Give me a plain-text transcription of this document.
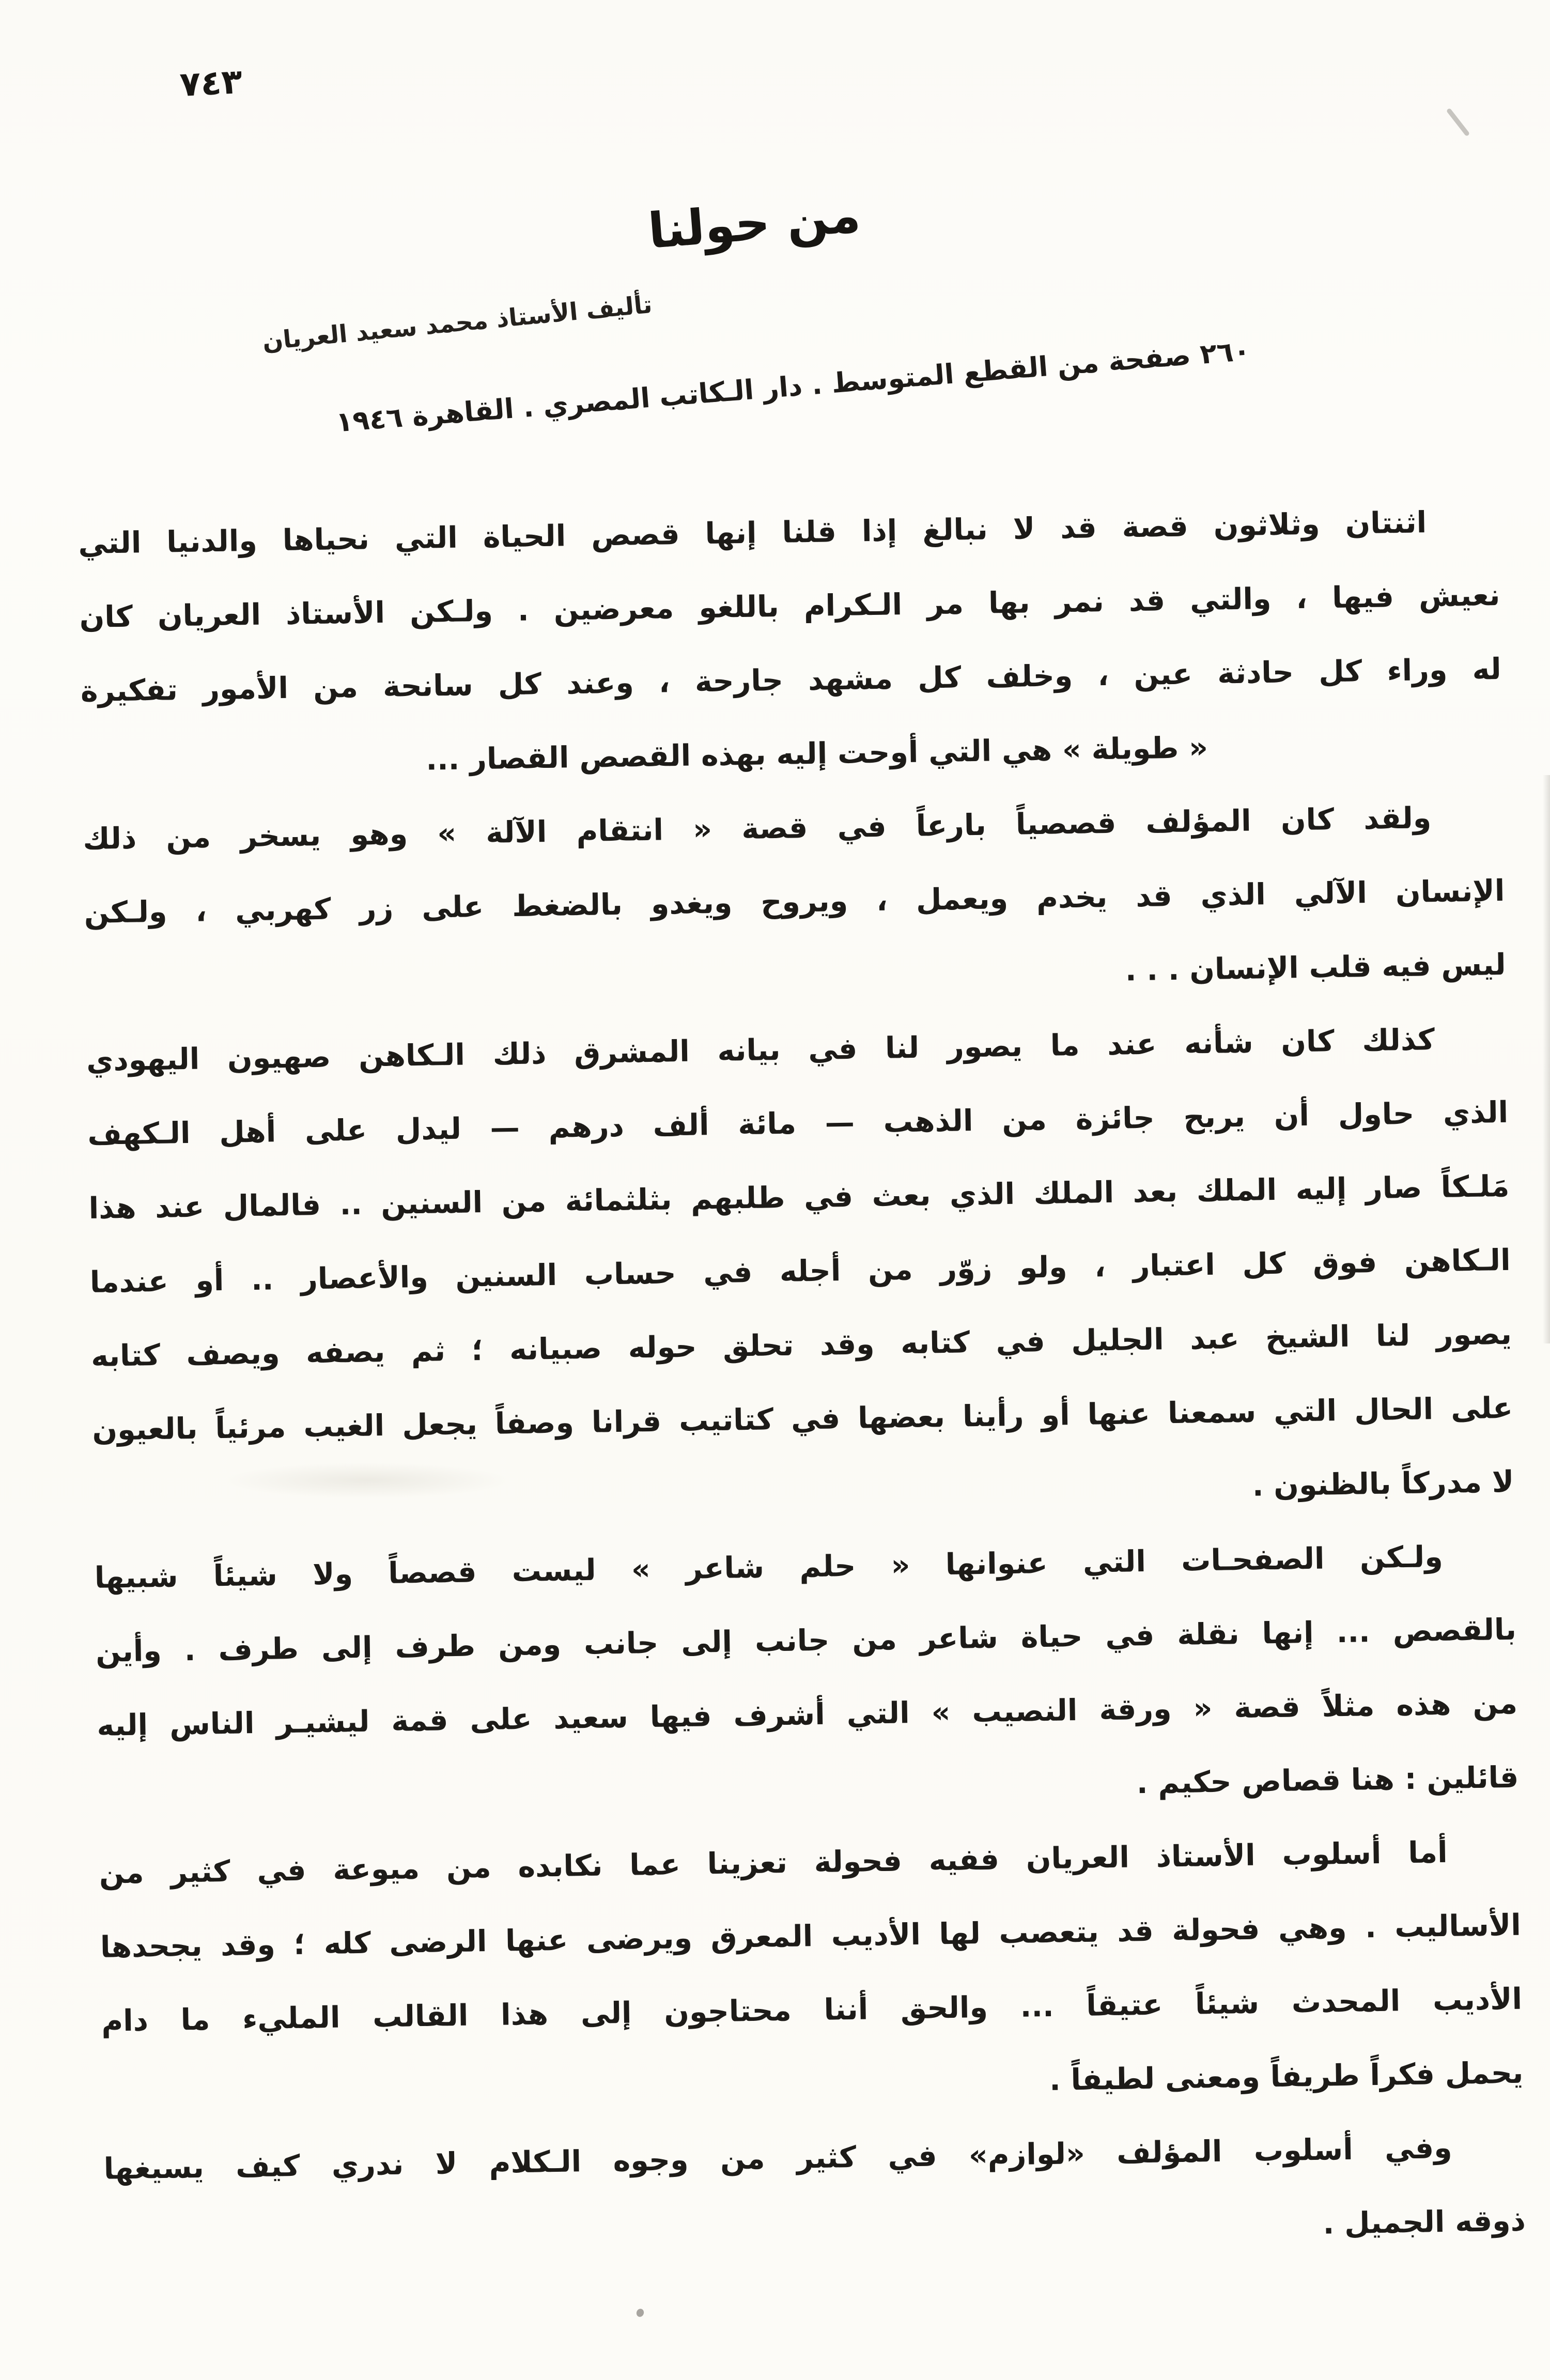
٧٤٣
من حولنا
تأليف الأستاذ محمد سعيد العريان
٢٦٠ صفحة من القطع المتوسط . دار الـكاتب المصري . القاهرة ١٩٤٦
اثنتان وثلاثون قصة قد لا نبالغ إذا قلنا إنها قصص الحياة التي نحياها والدنيا التي
نعيش فيها ، والتي قد نمر بها مر الـكرام باللغو معرضين . ولـكن الأستاذ العريان كان
له وراء كل حادثة عين ، وخلف كل مشهد جارحة ، وعند كل سانحة من الأمور تفكيرة
« طويلة » هي التي أوحت إليه بهذه القصص القصار ...
ولقد كان المؤلف قصصياً بارعاً في قصة « انتقام الآلة » وهو يسخر من ذلك
الإنسان الآلي الذي قد يخدم ويعمل ، ويروح ويغدو بالضغط على زر كهربي ، ولـكن
ليس فيه قلب الإنسان . . .
كذلك كان شأنه عند ما يصور لنا في بيانه المشرق ذلك الـكاهن صهيون اليهودي
الذي حاول أن يربح جائزة من الذهب — مائة ألف درهم — ليدل على أهل الـكهف
مَلـكاً صار إليه الملك بعد الملك الذي بعث في طلبهم بثلثمائة من السنين .. فالمال عند هذا
الـكاهن فوق كل اعتبار ، ولو زوّر من أجله في حساب السنين والأعصار .. أو عندما
يصور لنا الشيخ عبد الجليل في كتابه وقد تحلق حوله صبيانه ؛ ثم يصفه ويصف كتابه
على الحال التي سمعنا عنها أو رأينا بعضها في كتاتيب قرانا وصفاً يجعل الغيب مرئياً بالعيون
لا مدركاً بالظنون .
ولـكن الصفحـات التي عنوانها « حلم شاعر » ليست قصصاً ولا شيئاً شبيها
بالقصص ... إنها نقلة في حياة شاعر من جانب إلى جانب ومن طرف إلى طرف . وأين
من هذه مثلاً قصة « ورقة النصيب » التي أشرف فيها سعيد على قمة ليشيـر الناس إليه
قائلين : هنا قصاص حكيم .
أما أسلوب الأستاذ العريان ففيه فحولة تعزينا عما نكابده من ميوعة في كثير من
الأساليب . وهي فحولة قد يتعصب لها الأديب المعرق ويرضى عنها الرضى كله ؛ وقد يجحدها
الأديب المحدث شيئاً عتيقاً ... والحق أننا محتاجون إلى هذا القالب المليء ما دام
يحمل فكراً طريفاً ومعنى لطيفاً .
وفي أسلوب المؤلف «لوازم» في كثير من وجوه الـكلام لا ندري كيف يسيغها
ذوقه الجميل .
